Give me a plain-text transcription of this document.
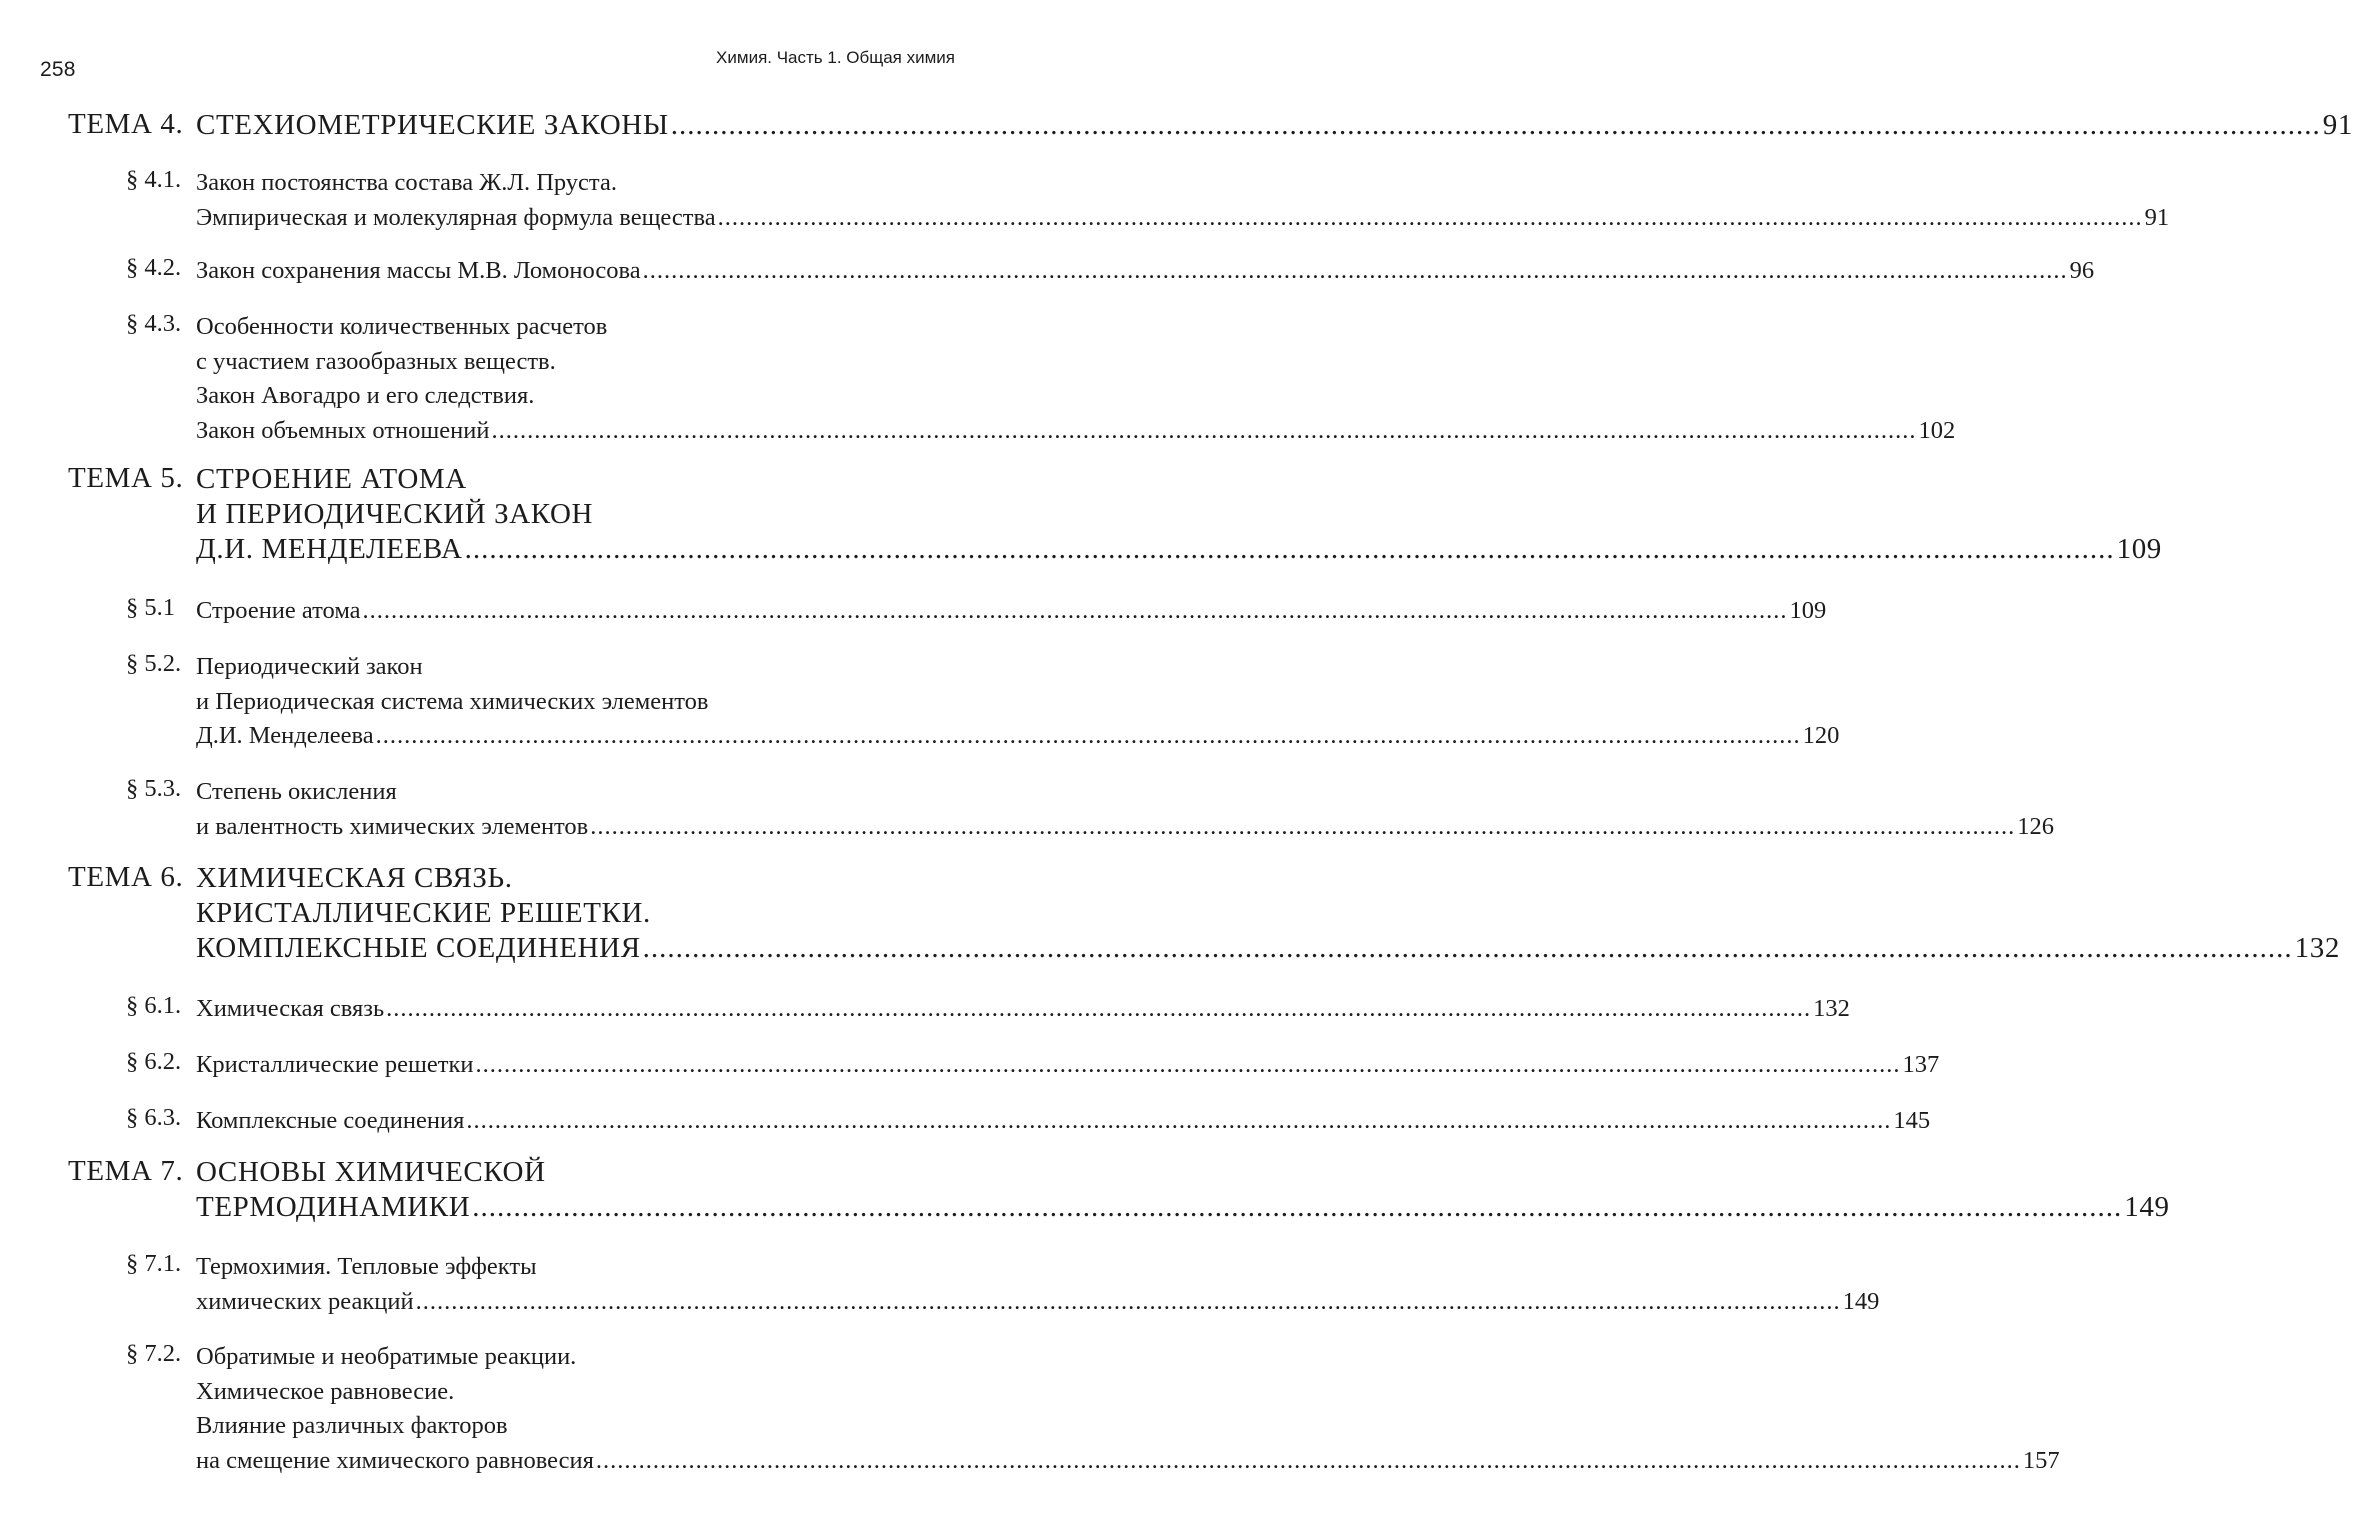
258
Химия. Часть 1. Общая химия
ТЕМА 4. СТЕХИОМЕТРИЧЕСКИЕ ЗАКОНЫ ........................................................................................................................................................................................................ 91
§ 4.1. Закон постоянства состава Ж.Л. Пруста.
Эмпирическая и молекулярная формула вещества ........................................................................................................................................................................................................ 91
§ 4.2. Закон сохранения массы М.В. Ломоносова ........................................................................................................................................................................................................ 96
§ 4.3. Особенности количественных расчетов
с участием газообразных веществ.
Закон Авогадро и его следствия.
Закон объемных отношений ........................................................................................................................................................................................................ 102
ТЕМА 5. СТРОЕНИЕ АТОМА
И ПЕРИОДИЧЕСКИЙ ЗАКОН
Д.И. МЕНДЕЛЕЕВА ........................................................................................................................................................................................................ 109
§ 5.1 Строение атома ........................................................................................................................................................................................................ 109
§ 5.2. Периодический закон
и Периодическая система химических элементов
Д.И. Менделеева ........................................................................................................................................................................................................ 120
§ 5.3. Степень окисления
и валентность химических элементов ........................................................................................................................................................................................................ 126
ТЕМА 6. ХИМИЧЕСКАЯ СВЯЗЬ.
КРИСТАЛЛИЧЕСКИЕ РЕШЕТКИ.
КОМПЛЕКСНЫЕ СОЕДИНЕНИЯ ........................................................................................................................................................................................................ 132
§ 6.1. Химическая связь ........................................................................................................................................................................................................ 132
§ 6.2. Кристаллические решетки ........................................................................................................................................................................................................ 137
§ 6.3. Комплексные соединения ........................................................................................................................................................................................................ 145
ТЕМА 7. ОСНОВЫ ХИМИЧЕСКОЙ
ТЕРМОДИНАМИКИ ........................................................................................................................................................................................................ 149
§ 7.1. Термохимия. Тепловые эффекты
химических реакций ........................................................................................................................................................................................................ 149
§ 7.2. Обратимые и необратимые реакции.
Химическое равновесие.
Влияние различных факторов
на смещение химического равновесия ........................................................................................................................................................................................................ 157
